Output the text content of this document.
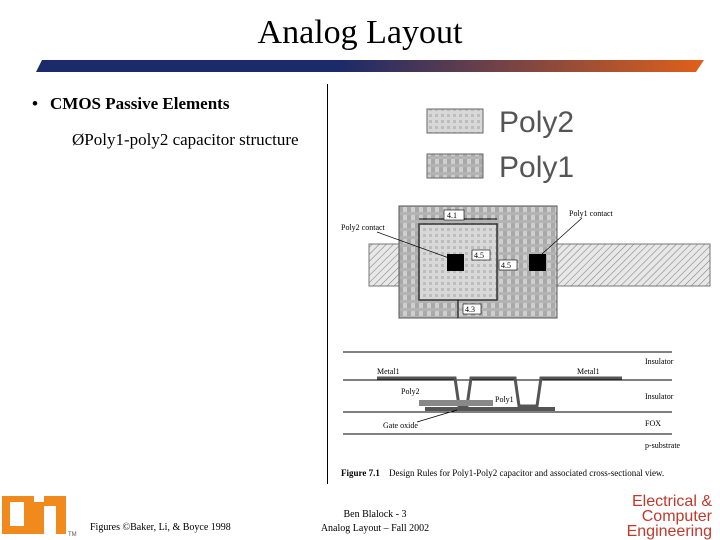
Analog Layout
• CMOS Passive Elements
ØPoly1-poly2 capacitor structure
Poly2
Poly1
4.1
4.5
4.5
4.3
Poly2 contact
Poly1 contact
Metal1	Metal1
Insulator
Insulator
Poly2
Poly1
Gate oxide	FOX
p-substrate
Figure 7.1 Design Rules for Poly1-Poly2 capacitor and associated cross-sectional view.
TM
Figures ©Baker, Li, & Boyce 1998
Ben Blalock - 3
Analog Layout – Fall 2002
Electrical &
Computer
Engineering
